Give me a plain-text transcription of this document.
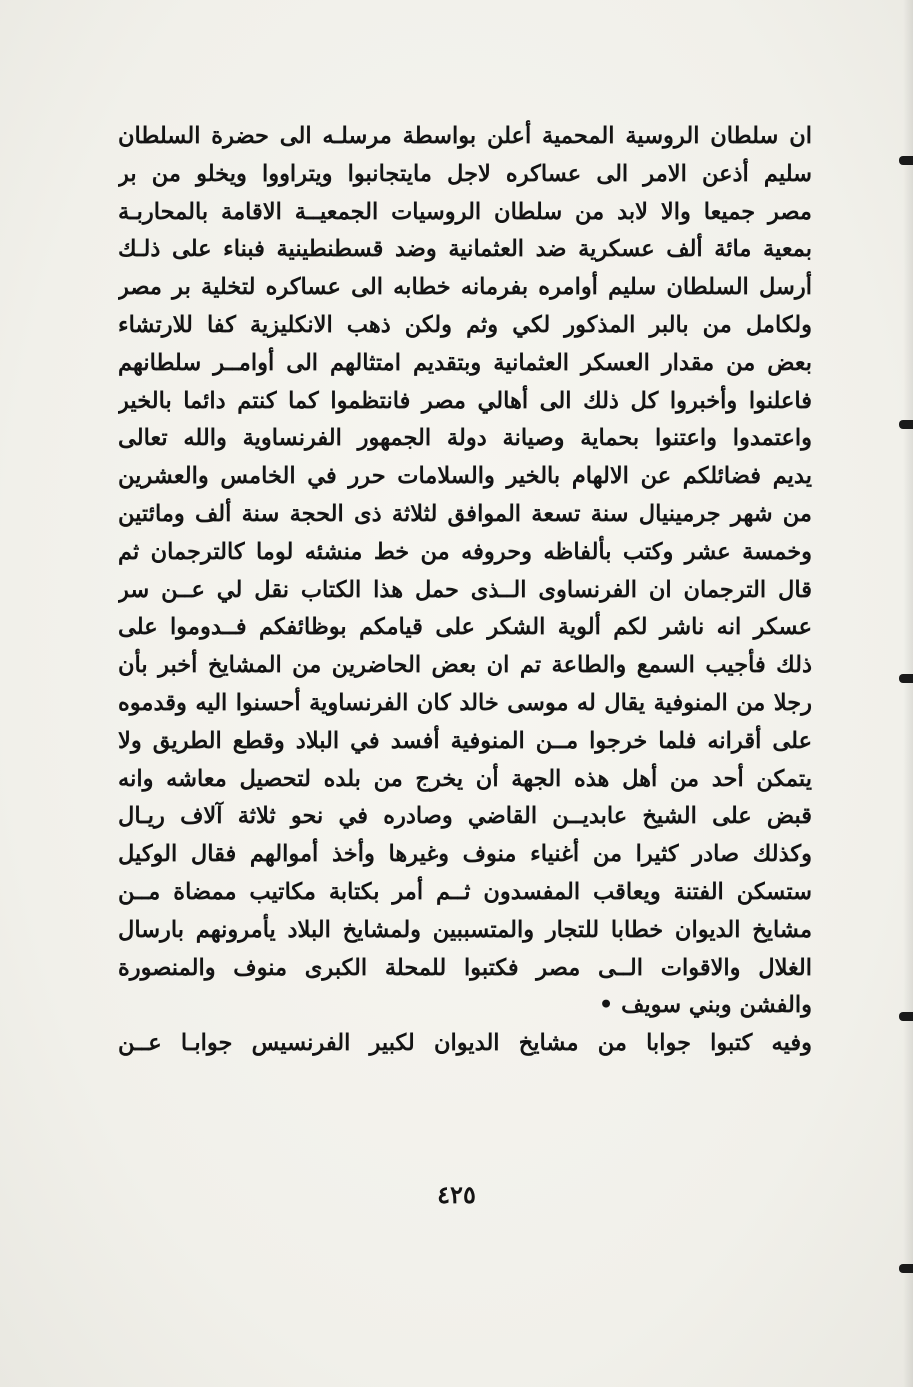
ان سلطان الروسية المحمية أعلن بواسطة مرسلـه الى حضرة السلطان
سليم أذعن الامر الى عساكره لاجل مايتجانبوا ويتراووا ويخلو من بر
مصر جميعا والا لابد من سلطان الروسيات الجمعيــة الاقامة بالمحاربـة
بمعية مائة ألف عسكرية ضد العثمانية وضد قسطنطينية فبناء على ذلـك
أرسل السلطان سليم أوامره بفرمانه خطابه الى عساكره لتخلية بر مصر
ولكامل من بالبر المذكور لكي وثم ولكن ذهب الانكليزية كفا للارتشاء
بعض من مقدار العسكر العثمانية وبتقديم امتثالهم الى أوامــر سلطانهم
فاعلنوا وأخبروا كل ذلك الى أهالي مصر فانتظموا كما كنتم دائما بالخير
واعتمدوا واعتنوا بحماية وصيانة دولة الجمهور الفرنساوية والله تعالى
يديم فضائلكم عن الالهام بالخير والسلامات حرر في الخامس والعشرين
من شهر جرمينيال سنة تسعة الموافق لثلاثة ذى الحجة سنة ألف ومائتين
وخمسة عشر وكتب بألفاظه وحروفه من خط منشئه لوما كالترجمان ثم
قال الترجمان ان الفرنساوى الــذى حمل هذا الكتاب نقل لي عــن سر
عسكر انه ناشر لكم ألوية الشكر على قيامكم بوظائفكم فــدوموا على
ذلك فأجيب السمع والطاعة تم ان بعض الحاضرين من المشايخ أخبر بأن
رجلا من المنوفية يقال له موسى خالد كان الفرنساوية أحسنوا اليه وقدموه
على أقرانه فلما خرجوا مــن المنوفية أفسد في البلاد وقطع الطريق ولا
يتمكن أحد من أهل هذه الجهة أن يخرج من بلده لتحصيل معاشه وانه
قبض على الشيخ عابديــن القاضي وصادره في نحو ثلاثة آلاف ريـال
وكذلك صادر كثيرا من أغنياء منوف وغيرها وأخذ أموالهم فقال الوكيل
ستسكن الفتنة ويعاقب المفسدون ثــم أمر بكتابة مكاتيب ممضاة مــن
مشايخ الديوان خطابا للتجار والمتسببين ولمشايخ البلاد يأمرونهم بارسال
الغلال والاقوات الــى مصر فكتبوا للمحلة الكبرى منوف والمنصورة
والفشن وبني سويف •
وفيه كتبوا جوابا من مشايخ الديوان لكبير الفرنسيس جوابـا عــن
٤٢٥
